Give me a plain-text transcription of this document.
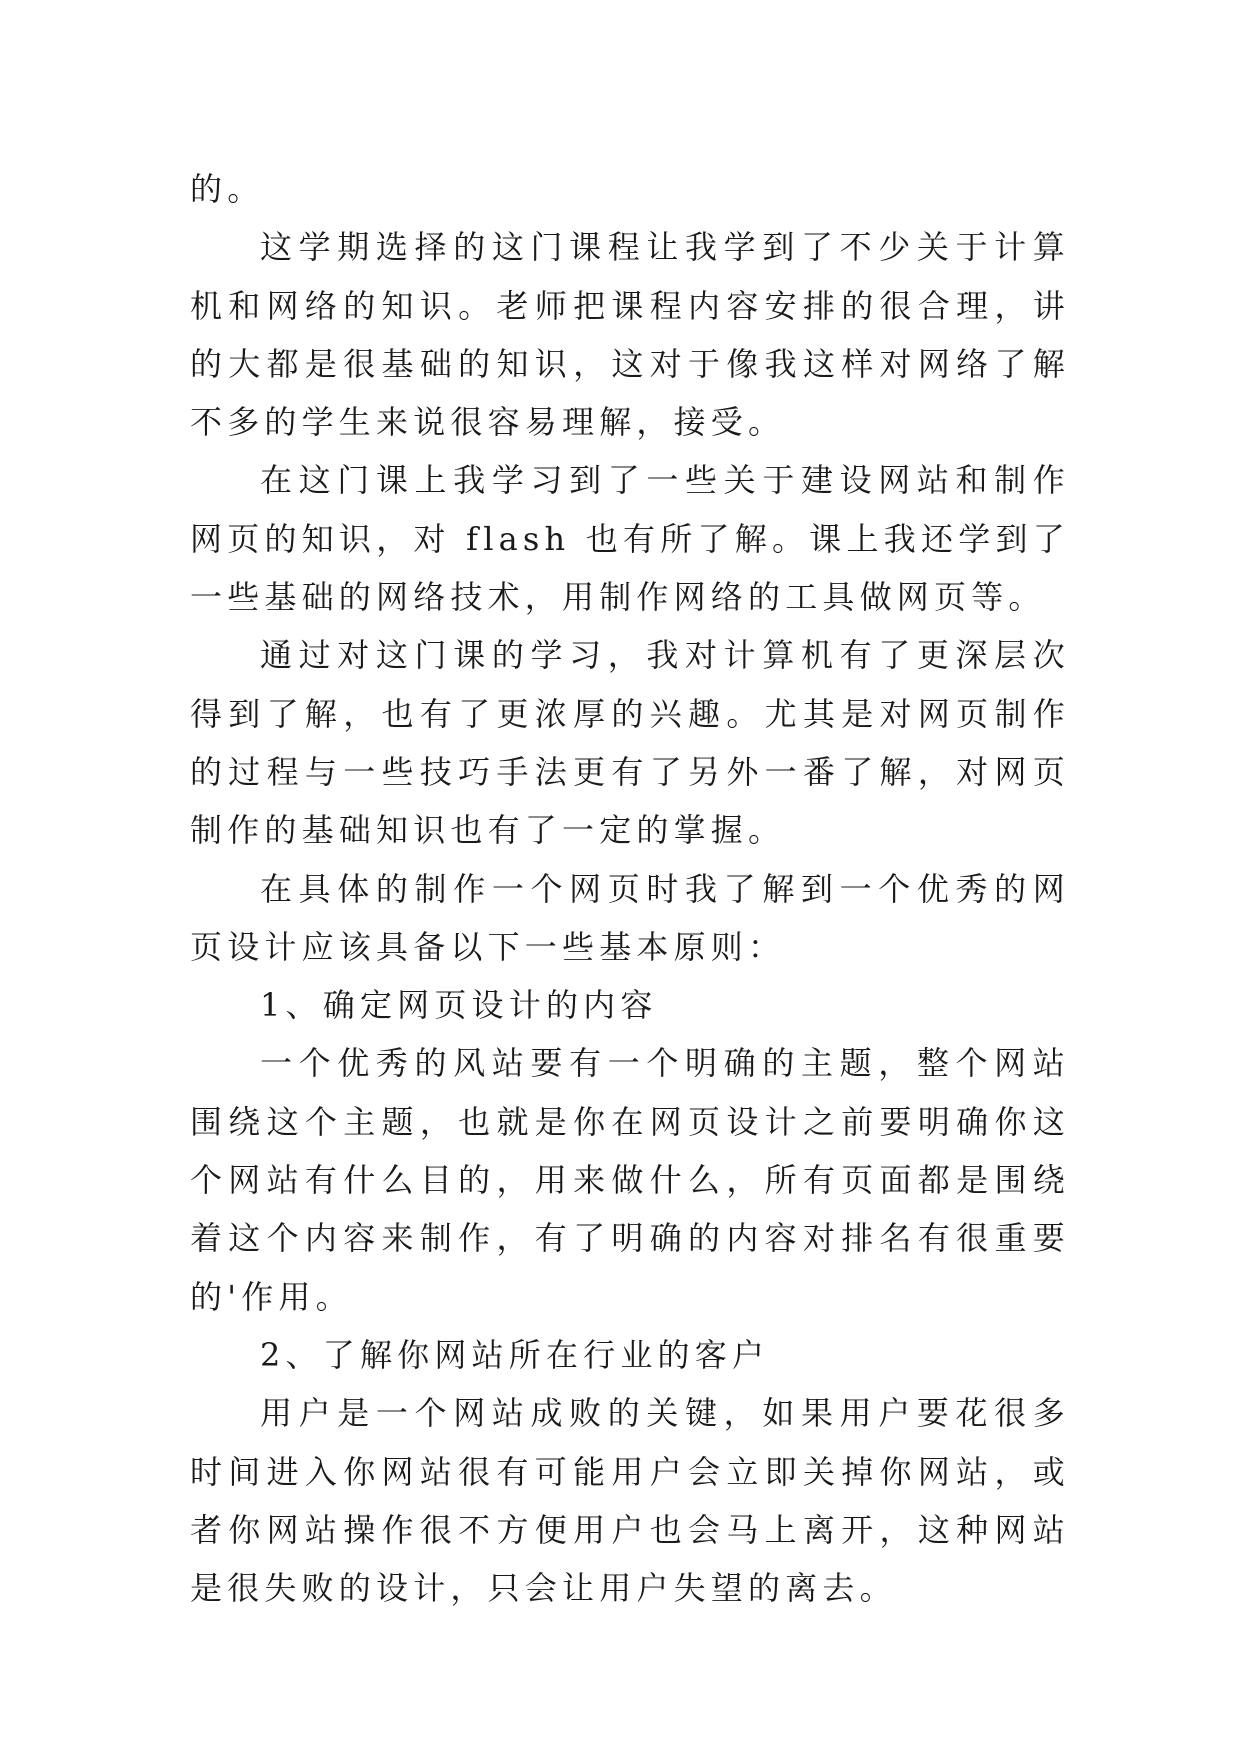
的。

这学期选择的这门课程让我学到了不少关于计算机和网络的知识。老师把课程内容安排的很合理，讲的大都是很基础的知识，这对于像我这样对网络了解不多的学生来说很容易理解，接受。

在这门课上我学习到了一些关于建设网站和制作网页的知识，对 flash 也有所了解。课上我还学到了一些基础的网络技术，用制作网络的工具做网页等。

通过对这门课的学习，我对计算机有了更深层次得到了解，也有了更浓厚的兴趣。尤其是对网页制作的过程与一些技巧手法更有了另外一番了解，对网页制作的基础知识也有了一定的掌握。

在具体的制作一个网页时我了解到一个优秀的网页设计应该具备以下一些基本原则：

1、确定网页设计的内容

一个优秀的风站要有一个明确的主题，整个网站围绕这个主题，也就是你在网页设计之前要明确你这个网站有什么目的，用来做什么，所有页面都是围绕着这个内容来制作，有了明确的内容对排名有很重要的'作用。

2、了解你网站所在行业的客户

用户是一个网站成败的关键，如果用户要花很多时间进入你网站很有可能用户会立即关掉你网站，或者你网站操作很不方便用户也会马上离开，这种网站是很失败的设计，只会让用户失望的离去。
